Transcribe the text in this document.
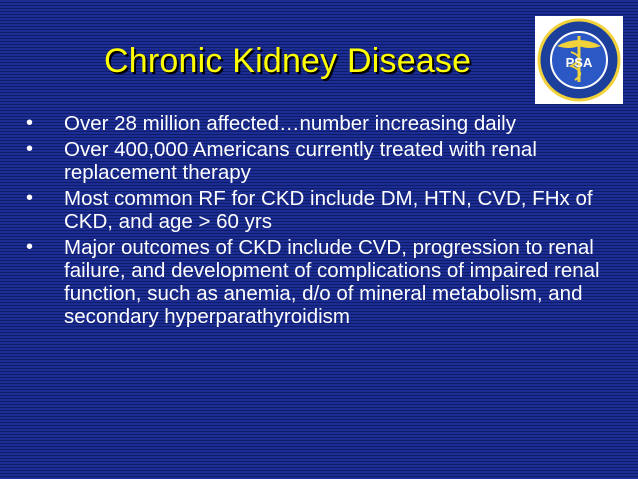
Chronic Kidney Disease	PSA
•	Over 28 million affected…number increasing daily
•	Over 400,000 Americans currently treated with renal replacement therapy
•	Most common RF for CKD include DM, HTN, CVD, FHx of CKD, and age > 60 yrs
•	Major outcomes of CKD include CVD, progression to renal failure, and development of complications of impaired renal function, such as anemia, d/o of mineral metabolism, and secondary hyperparathyroidism
